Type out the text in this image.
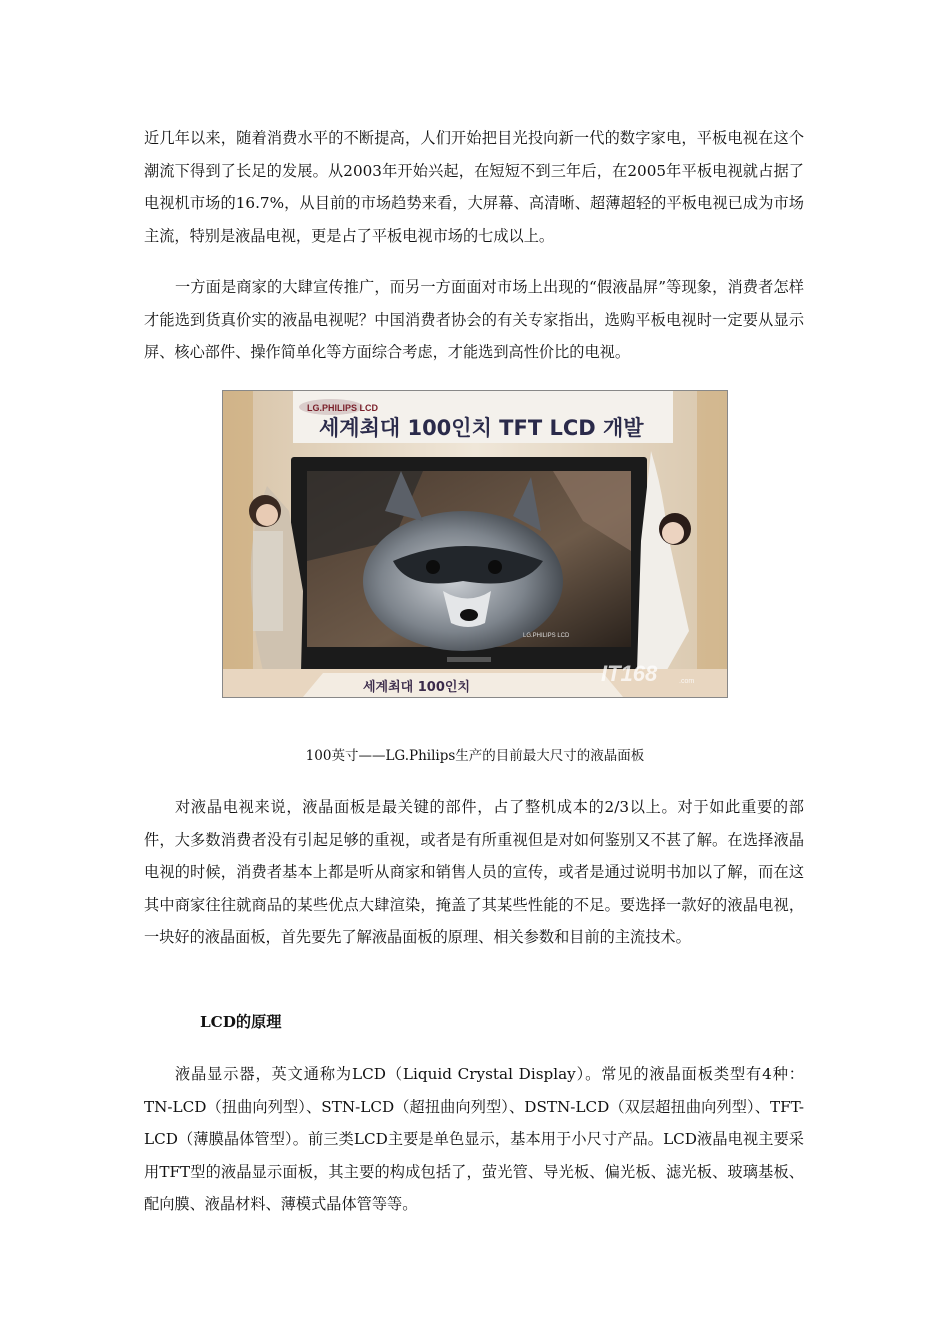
近几年以来，随着消费水平的不断提高，人们开始把目光投向新一代的数字家电，平板电视在这个潮流下得到了长足的发展。从2003年开始兴起，在短短不到三年后，在2005年平板电视就占据了电视机市场的16.7%，从目前的市场趋势来看，大屏幕、高清晰、超薄超轻的平板电视已成为市场主流，特别是液晶电视，更是占了平板电视市场的七成以上。

一方面是商家的大肆宣传推广，而另一方面面对市场上出现的“假液晶屏”等现象，消费者怎样才能选到货真价实的液晶电视呢？中国消费者协会的有关专家指出，选购平板电视时一定要从显示屏、核心部件、操作简单化等方面综合考虑，才能选到高性价比的电视。

LG.PHILIPS LCD
세계최대 100인치 TFT LCD 개발
LG.PHILIPS LCD
세계최대 100인치
IT168	.com

100英寸——LG.Philips生产的目前最大尺寸的液晶面板

对液晶电视来说，液晶面板是最关键的部件，占了整机成本的2/3以上。对于如此重要的部件，大多数消费者没有引起足够的重视，或者是有所重视但是对如何鉴别又不甚了解。在选择液晶电视的时候，消费者基本上都是听从商家和销售人员的宣传，或者是通过说明书加以了解，而在这其中商家往往就商品的某些优点大肆渲染，掩盖了其某些性能的不足。要选择一款好的液晶电视，一块好的液晶面板，首先要先了解液晶面板的原理、相关参数和目前的主流技术。

LCD的原理

液晶显示器，英文通称为LCD（Liquid Crystal Display）。常见的液晶面板类型有4种：TN-LCD（扭曲向列型）、STN-LCD（超扭曲向列型）、DSTN-LCD（双层超扭曲向列型）、TFT-LCD（薄膜晶体管型）。前三类LCD主要是单色显示，基本用于小尺寸产品。LCD液晶电视主要采用TFT型的液晶显示面板，其主要的构成包括了，萤光管、导光板、偏光板、滤光板、玻璃基板、配向膜、液晶材料、薄模式晶体管等等。
